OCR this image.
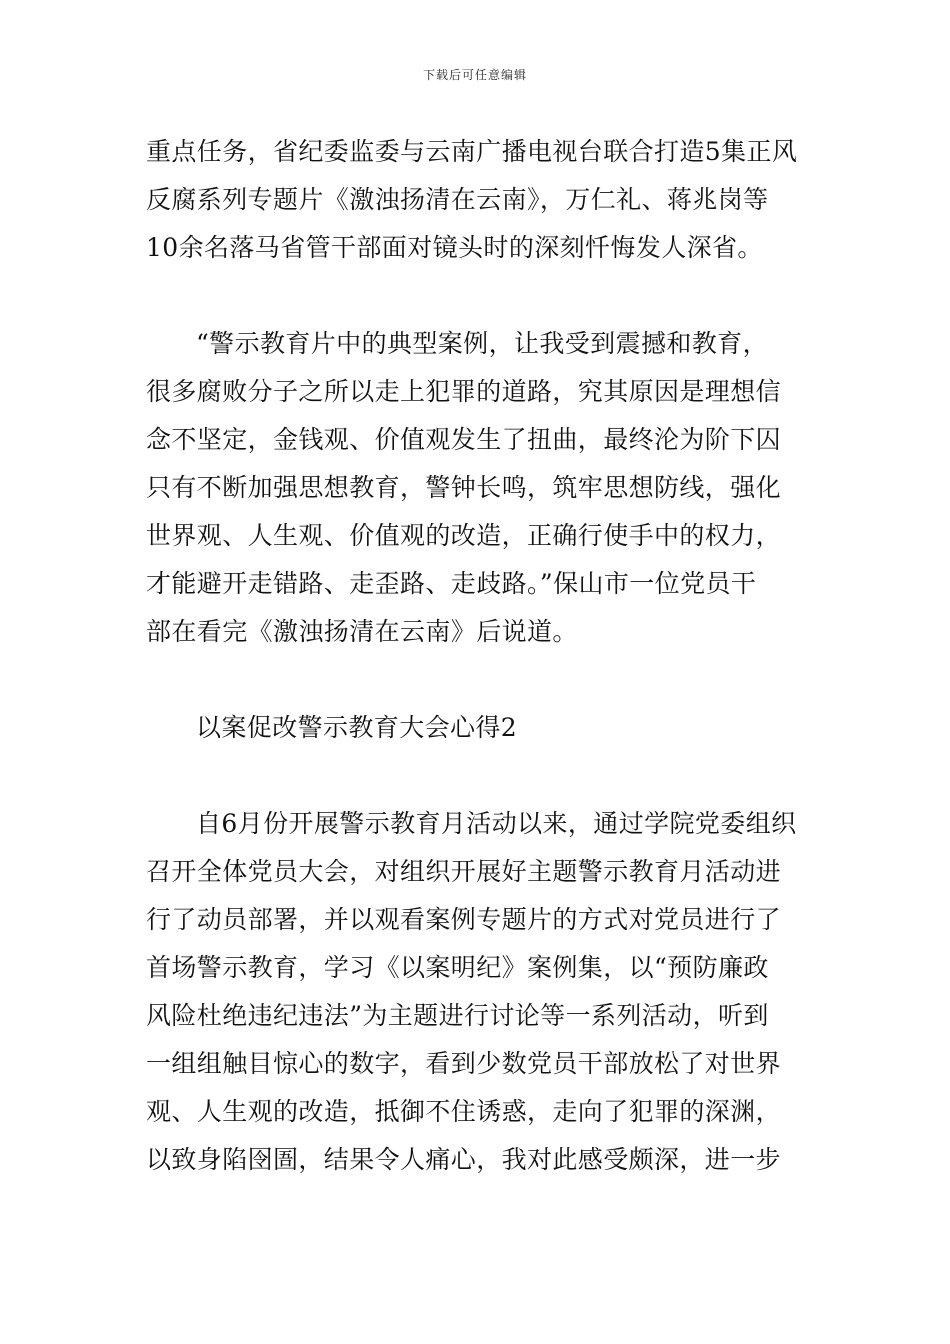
下载后可任意编辑
重点任务，省纪委监委与云南广播电视台联合打造5集正风
反腐系列专题片《激浊扬清在云南》，万仁礼、蒋兆岗等
10余名落马省管干部面对镜头时的深刻忏悔发人深省。
“警示教育片中的典型案例，让我受到震撼和教育，
很多腐败分子之所以走上犯罪的道路，究其原因是理想信
念不坚定，金钱观、价值观发生了扭曲，最终沦为阶下囚
只有不断加强思想教育，警钟长鸣，筑牢思想防线，强化
世界观、人生观、价值观的改造，正确行使手中的权力，
才能避开走错路、走歪路、走歧路。”保山市一位党员干
部在看完《激浊扬清在云南》后说道。
以案促改警示教育大会心得2
自6月份开展警示教育月活动以来，通过学院党委组织
召开全体党员大会，对组织开展好主题警示教育月活动进
行了动员部署，并以观看案例专题片的方式对党员进行了
首场警示教育，学习《以案明纪》案例集，以“预防廉政
风险杜绝违纪违法”为主题进行讨论等一系列活动，听到
一组组触目惊心的数字，看到少数党员干部放松了对世界
观、人生观的改造，抵御不住诱惑，走向了犯罪的深渊，
以致身陷囹圄，结果令人痛心，我对此感受颇深，进一步
